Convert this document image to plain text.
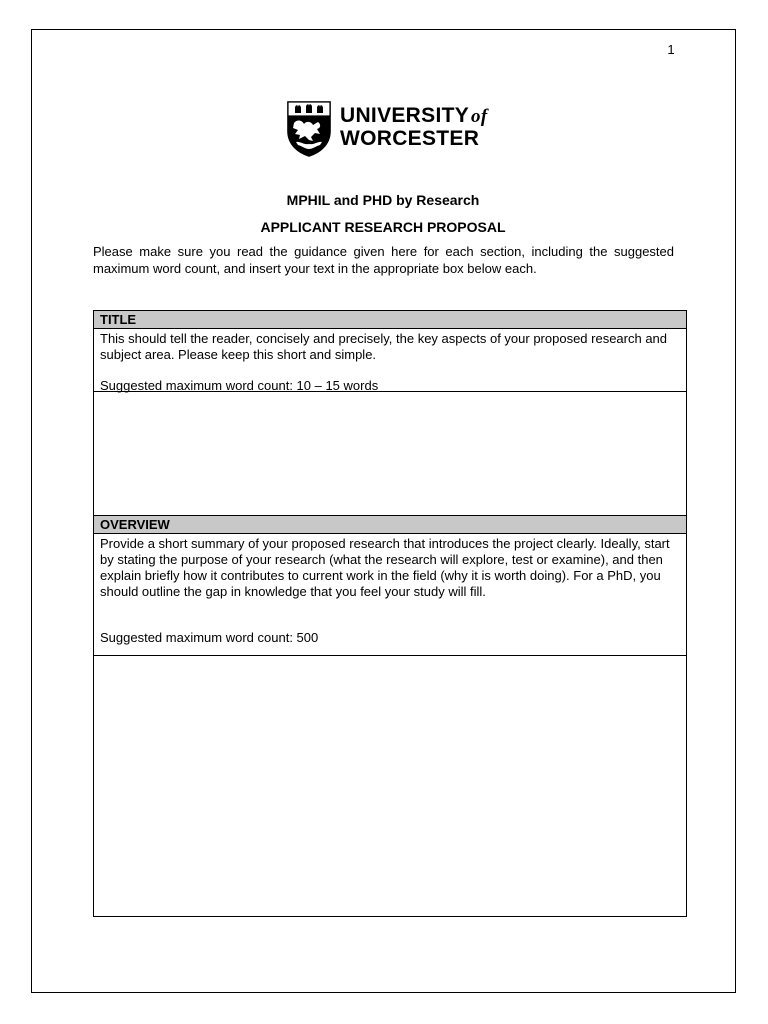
1
UNIVERSITY of
WORCESTER
MPHIL and PHD by Research
APPLICANT RESEARCH PROPOSAL
Please make sure you read the guidance given here for each section, including the suggested maximum word count, and insert your text in the appropriate box below each.
TITLE
This should tell the reader, concisely and precisely, the key aspects of your proposed research and subject area. Please keep this short and simple.
Suggested maximum word count: 10 – 15 words
OVERVIEW
Provide a short summary of your proposed research that introduces the project clearly. Ideally, start by stating the purpose of your research (what the research will explore, test or examine), and then explain briefly how it contributes to current work in the field (why it is worth doing). For a PhD, you should outline the gap in knowledge that you feel your study will fill.
Suggested maximum word count: 500
